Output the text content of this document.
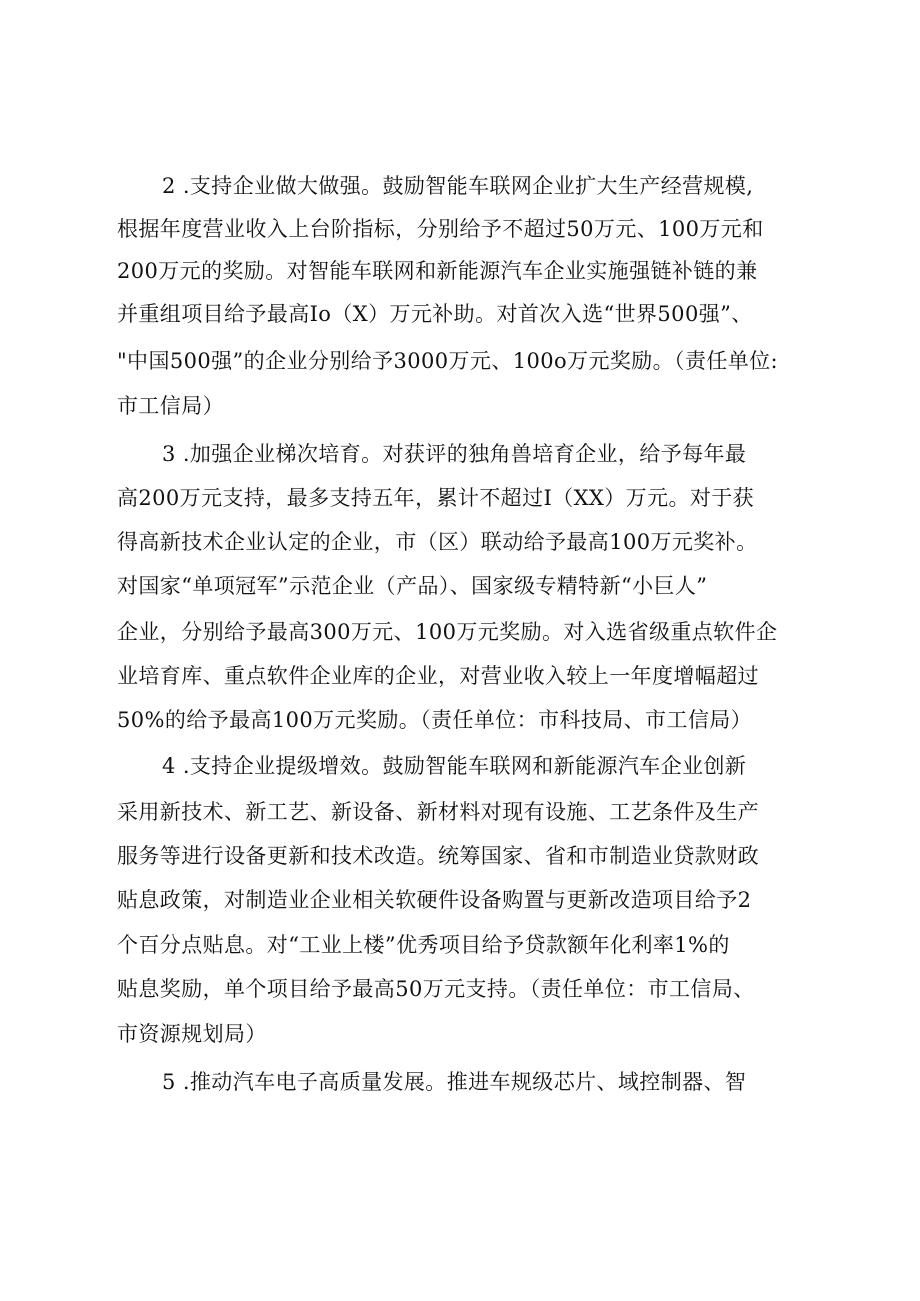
2 .支持企业做大做强。鼓励智能车联网企业扩大生产经营规模,
根据年度营业收入上台阶指标，分别给予不超过50万元、100万元和
200万元的奖励。对智能车联网和新能源汽车企业实施强链补链的兼
并重组项目给予最高Io（X）万元补助。对首次入选“世界500强”、
"中国500强”的企业分别给予3000万元、100o万元奖励。（责任单位:
市工信局）
3 .加强企业梯次培育。对获评的独角兽培育企业，给予每年最
高200万元支持，最多支持五年，累计不超过I（XX）万元。对于获
得高新技术企业认定的企业，市（区）联动给予最高100万元奖补。
对国家“单项冠军”示范企业（产品）、国家级专精特新“小巨人”
企业，分别给予最高300万元、100万元奖励。对入选省级重点软件企
业培育库、重点软件企业库的企业，对营业收入较上一年度增幅超过
50%的给予最高100万元奖励。（责任单位：市科技局、市工信局）
4 .支持企业提级增效。鼓励智能车联网和新能源汽车企业创新
采用新技术、新工艺、新设备、新材料对现有设施、工艺条件及生产
服务等进行设备更新和技术改造。统筹国家、省和市制造业贷款财政
贴息政策，对制造业企业相关软硬件设备购置与更新改造项目给予2
个百分点贴息。对“工业上楼”优秀项目给予贷款额年化利率1%的
贴息奖励，单个项目给予最高50万元支持。（责任单位：市工信局、
市资源规划局）
5 .推动汽车电子高质量发展。推进车规级芯片、域控制器、智
